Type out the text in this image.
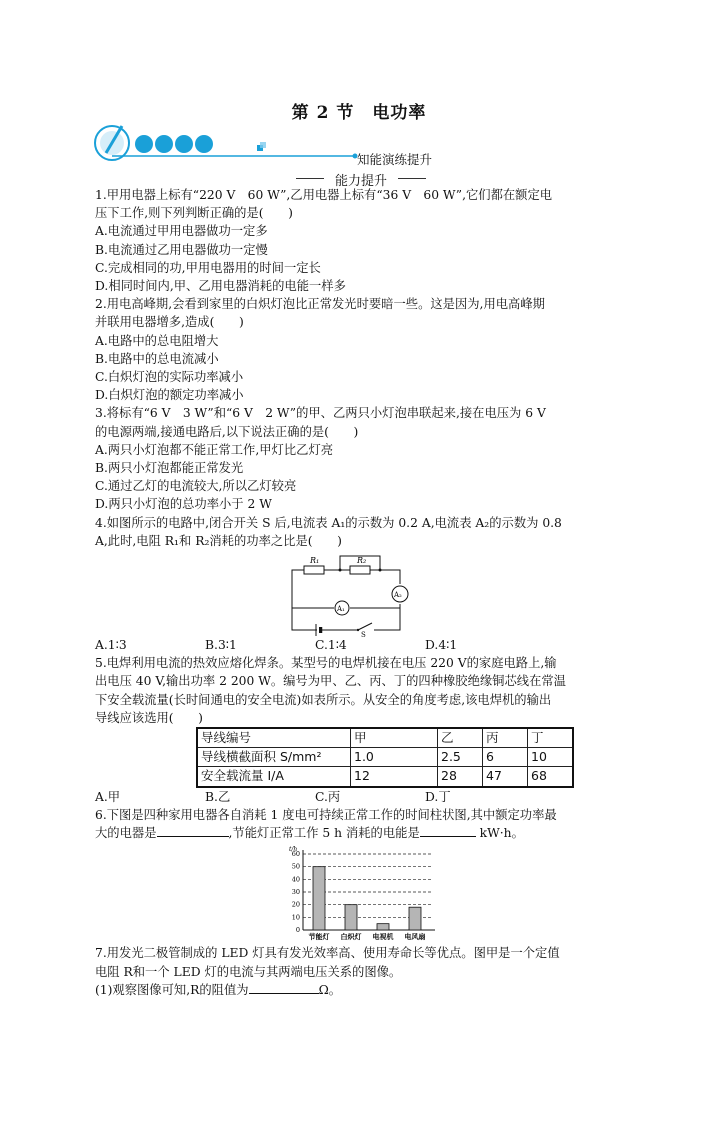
第 2 节　电功率
知能演练提升
能力提升

1.甲用电器上标有“220 V　60 W”,乙用电器上标有“36 V　60 W”,它们都在额定电

压下工作,则下列判断正确的是(　　)

A.电流通过甲用电器做功一定多

B.电流通过乙用电器做功一定慢

C.完成相同的功,甲用电器用的时间一定长

D.相同时间内,甲、乙用电器消耗的电能一样多

2.用电高峰期,会看到家里的白炽灯泡比正常发光时要暗一些。这是因为,用电高峰期

并联用电器增多,造成(　　)

A.电路中的总电阻增大

B.电路中的总电流减小

C.白炽灯泡的实际功率减小

D.白炽灯泡的额定功率减小

3.将标有“6 V　3 W”和“6 V　2 W”的甲、乙两只小灯泡串联起来,接在电压为 6 V

的电源两端,接通电路后,以下说法正确的是(　　)

A.两只小灯泡都不能正常工作,甲灯比乙灯亮

B.两只小灯泡都能正常发光

C.通过乙灯的电流较大,所以乙灯较亮

D.两只小灯泡的总功率小于 2 W

4.如图所示的电路中,闭合开关 S 后,电流表 A₁的示数为 0.2 A,电流表 A₂的示数为 0.8

A,此时,电阻 R₁和 R₂消耗的功率之比是(　　)

R₁	R₂
A₁
A₂
S
A.1∶3	B.3∶1	C.1∶4	D.4∶1

5.电焊利用电流的热效应熔化焊条。某型号的电焊机接在电压 220 V的家庭电路上,输

出电压 40 V,输出功率 2 200 W。编号为甲、乙、丙、丁的四种橡胶绝缘铜芯线在常温

下安全载流量(长时间通电的安全电流)如表所示。从安全的角度考虑,该电焊机的输出

导线应该选用(　　)

导线编号	甲	乙	丙	丁
导线横截面积 S/mm²	1.0	2.5	6	10
安全载流量 I/A	12	28	47	68
A.甲	B.乙	C.丙	D.丁

6.下图是四种家用电器各自消耗 1 度电可持续正常工作的时间柱状图,其中额定功率最

大的电器是	,节能灯正常工作 5 h 消耗的电能是	kW·h。

t/h
0
10
20
30
40
50
60
节能灯 白炽灯 电视机 电风扇

7.用发光二极管制成的 LED 灯具有发光效率高、使用寿命长等优点。图甲是一个定值

电阻 R和一个 LED 灯的电流与其两端电压关系的图像。

(1)观察图像可知,R的阻值为	Ω。
